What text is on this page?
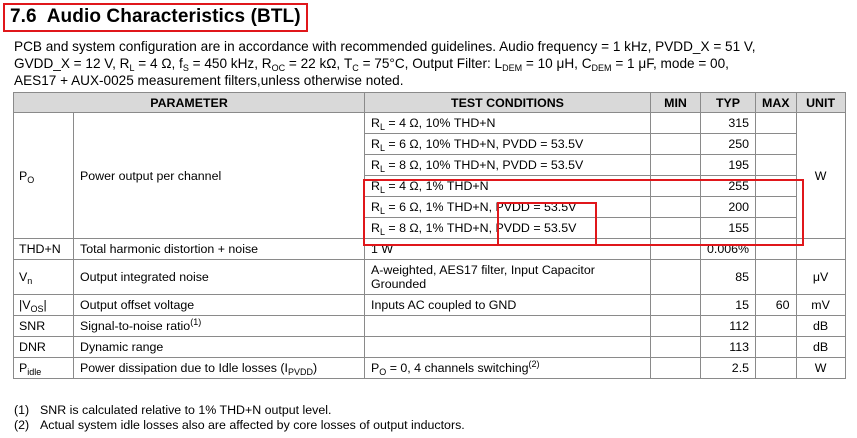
7.6 Audio Characteristics (BTL)

PCB and system configuration are in accordance with recommended guidelines. Audio frequency = 1 kHz, PVDD_X = 51 V,

GVDD_X = 12 V, $R_L = 4$ Ω, $f_S = 450$ kHz, $R_{OC} = 22$ kΩ, $T_C = 75^\circ C$, Output Filter: $L_{DEM} = 10$ μH, $C_{DEM} = 1$ μF, mode = 00,

AES17 + AUX-0025 measurement filters,unless otherwise noted.

PARAMETER		TEST CONDITIONS	MIN	TYP	MAX	UNIT
$P_O$	Power output per channel	$R_L = 4$ Ω, 10% THD+N		315		W
		$R_L = 6$ Ω, 10% THD+N, PVDD = 53.5V		250		
		$R_L = 8$ Ω, 10% THD+N, PVDD = 53.5V		195		
		$R_L = 4$ Ω, 1% THD+N		255		
		$R_L = 6$ Ω, 1% THD+N, PVDD = 53.5V		200		
		$R_L = 8$ Ω, 1% THD+N, PVDD = 53.5V		155		
THD+N	Total harmonic distortion + noise	1 W		0.006%		
$V_n$	Output integrated noise	A-weighted, AES17 filter, Input Capacitor Grounded		85		μV
$|V_{OS}|$	Output offset voltage	Inputs AC coupled to GND		15	60	mV
SNR	Signal-to-noise ratio$^{(1)}$			112		dB
DNR	Dynamic range			113		dB
$P_{idle}$	Power dissipation due to Idle losses $(I_{PVDD})$	$P_O = 0$, 4 channels switching$^{(2)}$		2.5		W

(1) SNR is calculated relative to 1% THD+N output level.

(2) Actual system idle losses also are affected by core losses of output inductors.
